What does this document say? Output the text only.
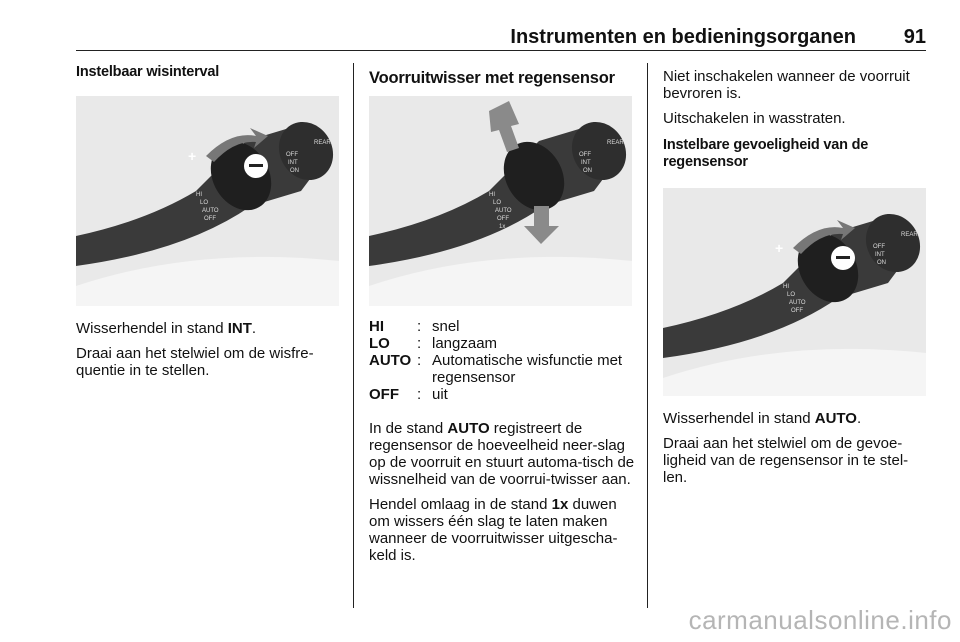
Instrumenten en bedieningsorganen 91
Instelbaar wisinterval
+
HI
LO
AUTO
OFF
OFF
INT
ON
REAR

Wisserhendel in stand INT.

Draai aan het stelwiel om de wisfre-quentie in te stellen.

Voorruitwisser met regensensor
HI
LO
AUTO
OFF
1x
OFF
INT
ON
REAR
HI	: snel
LO	: langzaam
AUTO : Automatische wisfunctie met regensensor
OFF	: uit

In de stand AUTO registreert de regensensor de hoeveelheid neer-slag op de voorruit en stuurt automa-tisch de wissnelheid van de voorrui-twisser aan.

Hendel omlaag in de stand 1x duwen om wissers één slag te laten maken wanneer de voorruitwisser uitgescha-keld is.

Niet inschakelen wanneer de voorruit bevroren is.

Uitschakelen in wasstraten.

Instelbare gevoeligheid van de regensensor
+
HI
LO
AUTO
OFF
OFF
INT
ON
REAR

Wisserhendel in stand AUTO.

Draai aan het stelwiel om de gevoe-ligheid van de regensensor in te stel-len.

carmanualsonline.info
